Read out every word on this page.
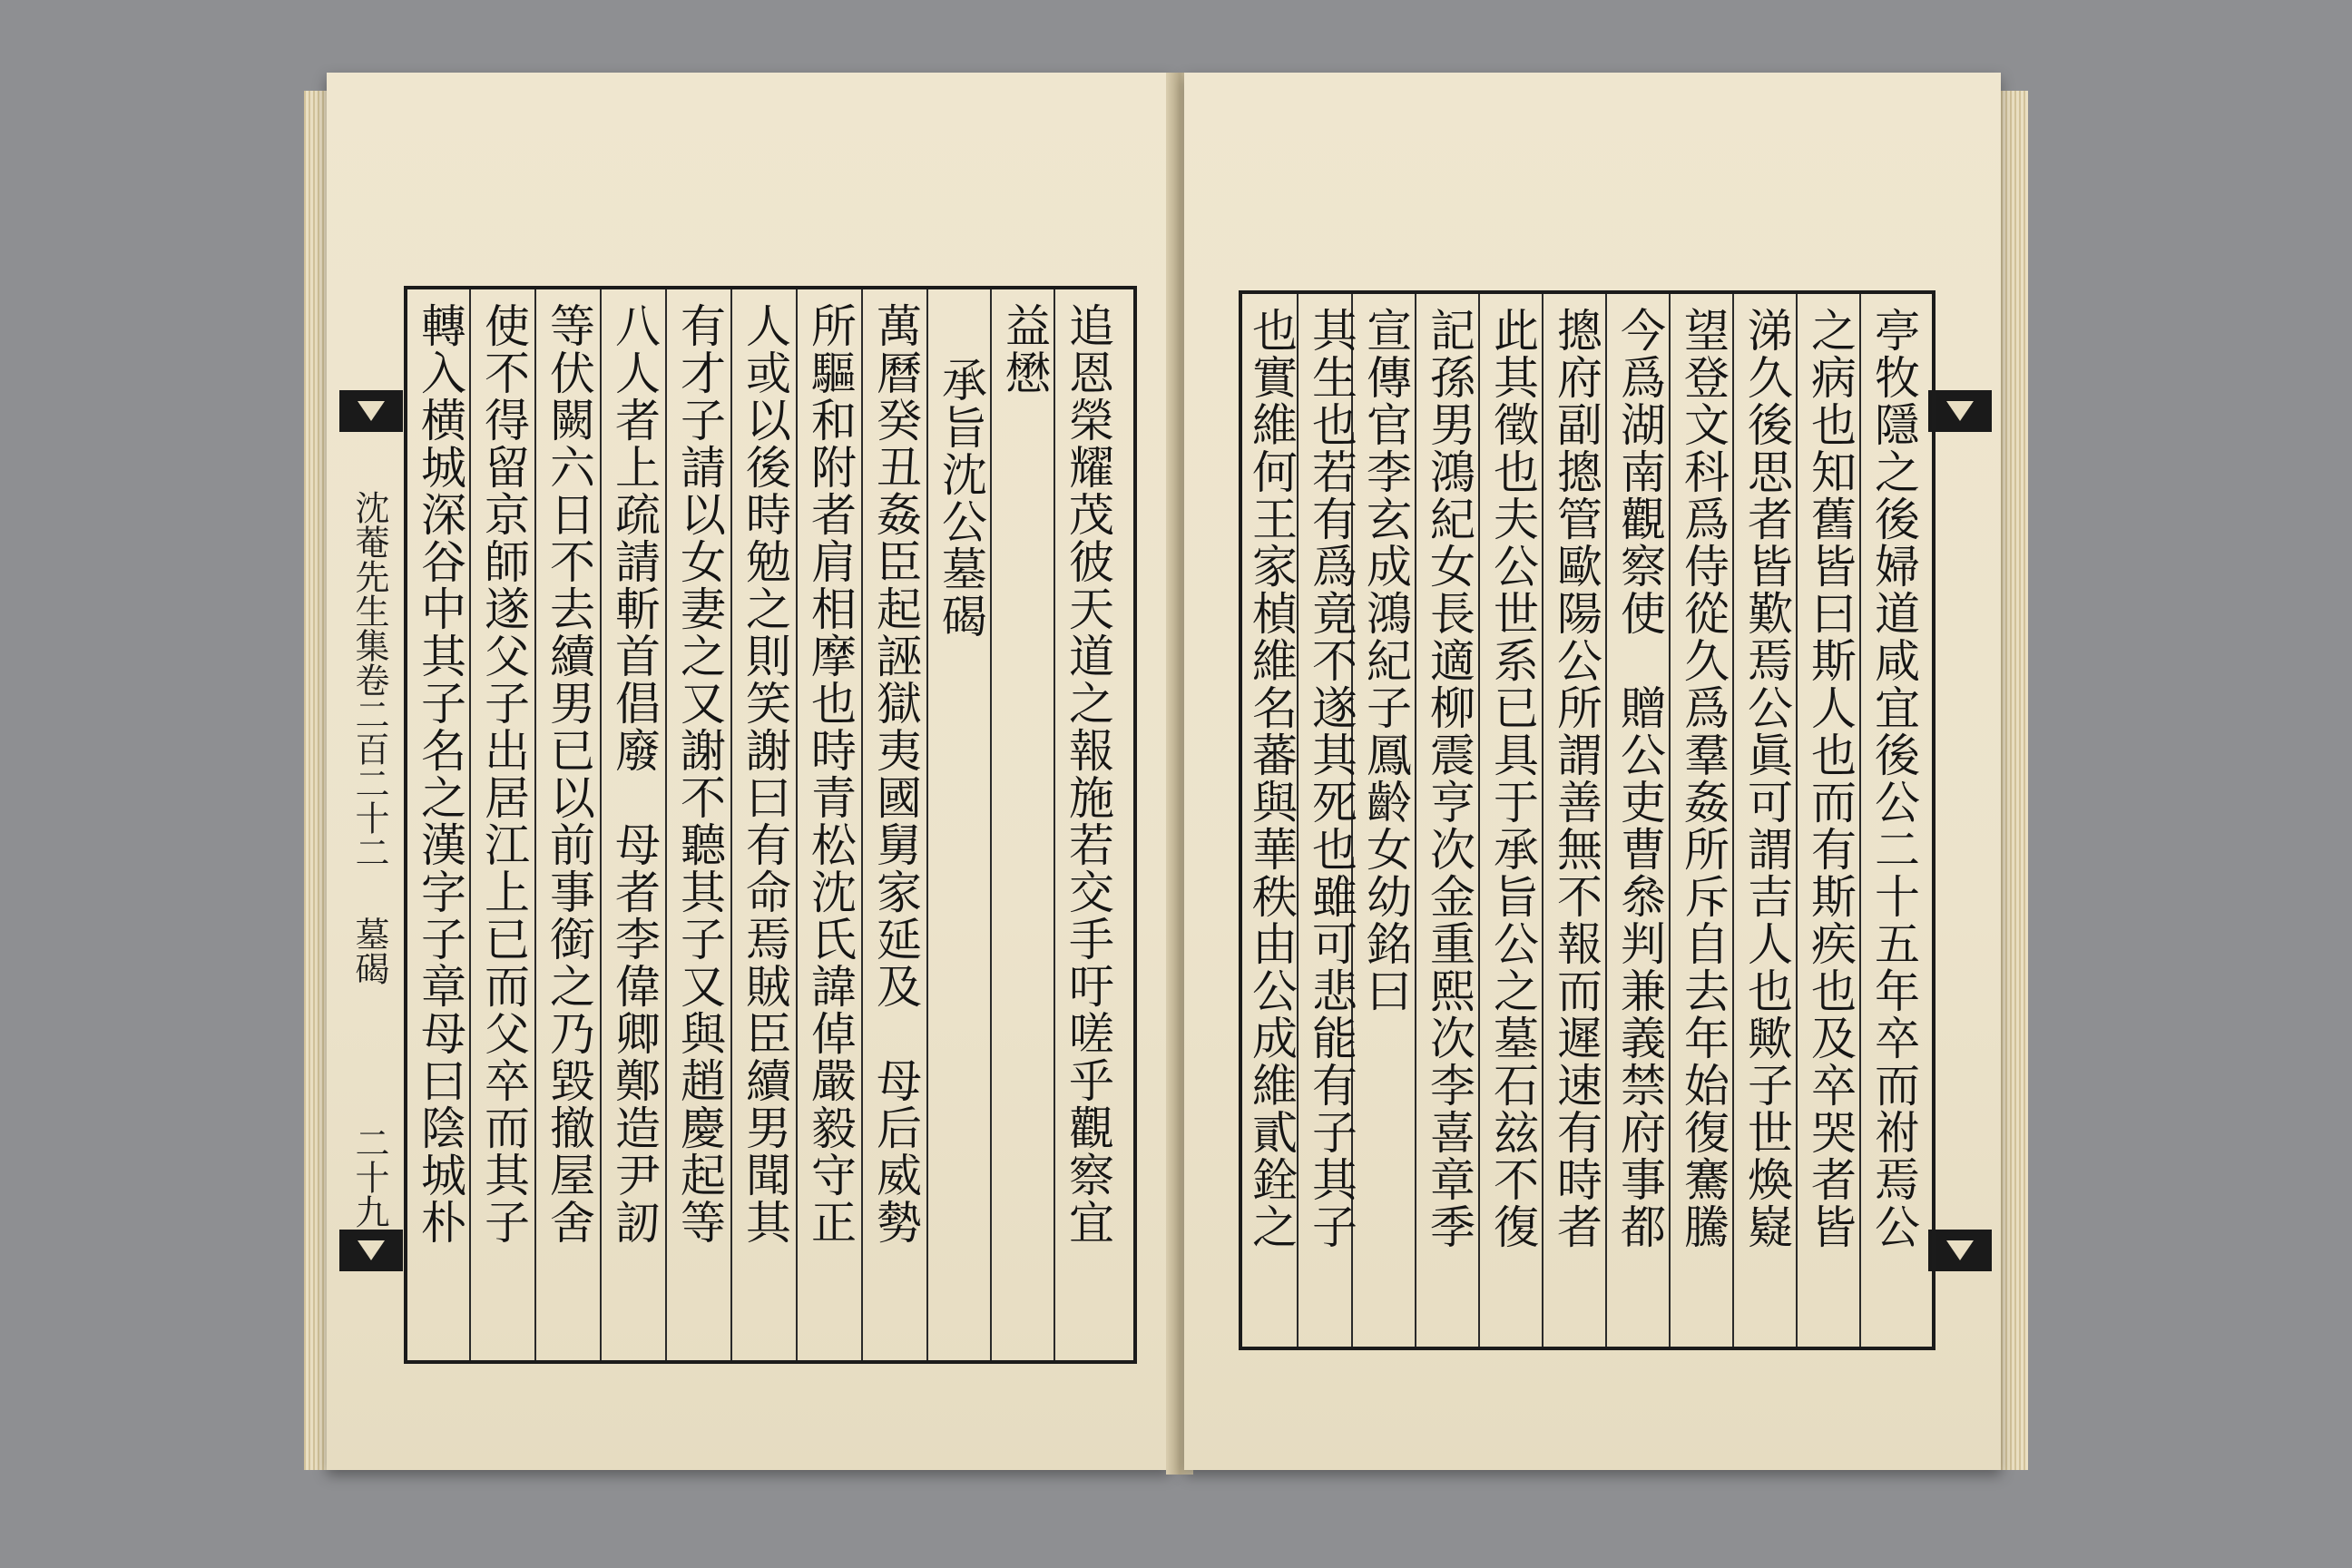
沈菴先生集卷二百二十二
墓碣
二十九	追恩榮耀茂彼天道之報施若交手吁嗟乎觀察宜
益懋
承旨沈公墓碣
萬曆癸丑姦臣起誣獄夷國舅家延及　母后威勢
所驅和附者肩相摩也時青松沈氏諱倬嚴毅守正
人或以後時勉之則笑謝曰有命焉賊臣續男聞其
有才子請以女妻之又謝不聽其子又與趙慶起等
八人者上疏請斬首倡廢　母者李偉卿鄭造尹訒
等伏闕六日不去續男已以前事銜之乃毀撤屋舍
使不得留京師遂父子出居江上已而父卒而其子
轉入横城深谷中其子名之漢字子章母曰陰城朴	亭牧隱之後婦道咸宜後公二十五年卒而祔焉公
之病也知舊皆曰斯人也而有斯疾也及卒哭者皆
涕久後思者皆歎焉公眞可謂吉人也歟子世煥嶷
望登文科爲侍從久爲羣姦所斥自去年始復騫騰
今爲湖南觀察使　贈公吏曹叅判兼義禁府事都
摠府副摠管歐陽公所謂善無不報而遲速有時者
此其徵也夫公世系已具于承旨公之墓石玆不復
記孫男鴻紀女長適柳震亨次金重熙次李喜章季
宣傳官李玄成鴻紀子鳳齡女幼銘曰
其生也若有爲竟不遂其死也雖可悲能有子其子
也實維何王家楨維名蕃與華秩由公成維貳銓之
